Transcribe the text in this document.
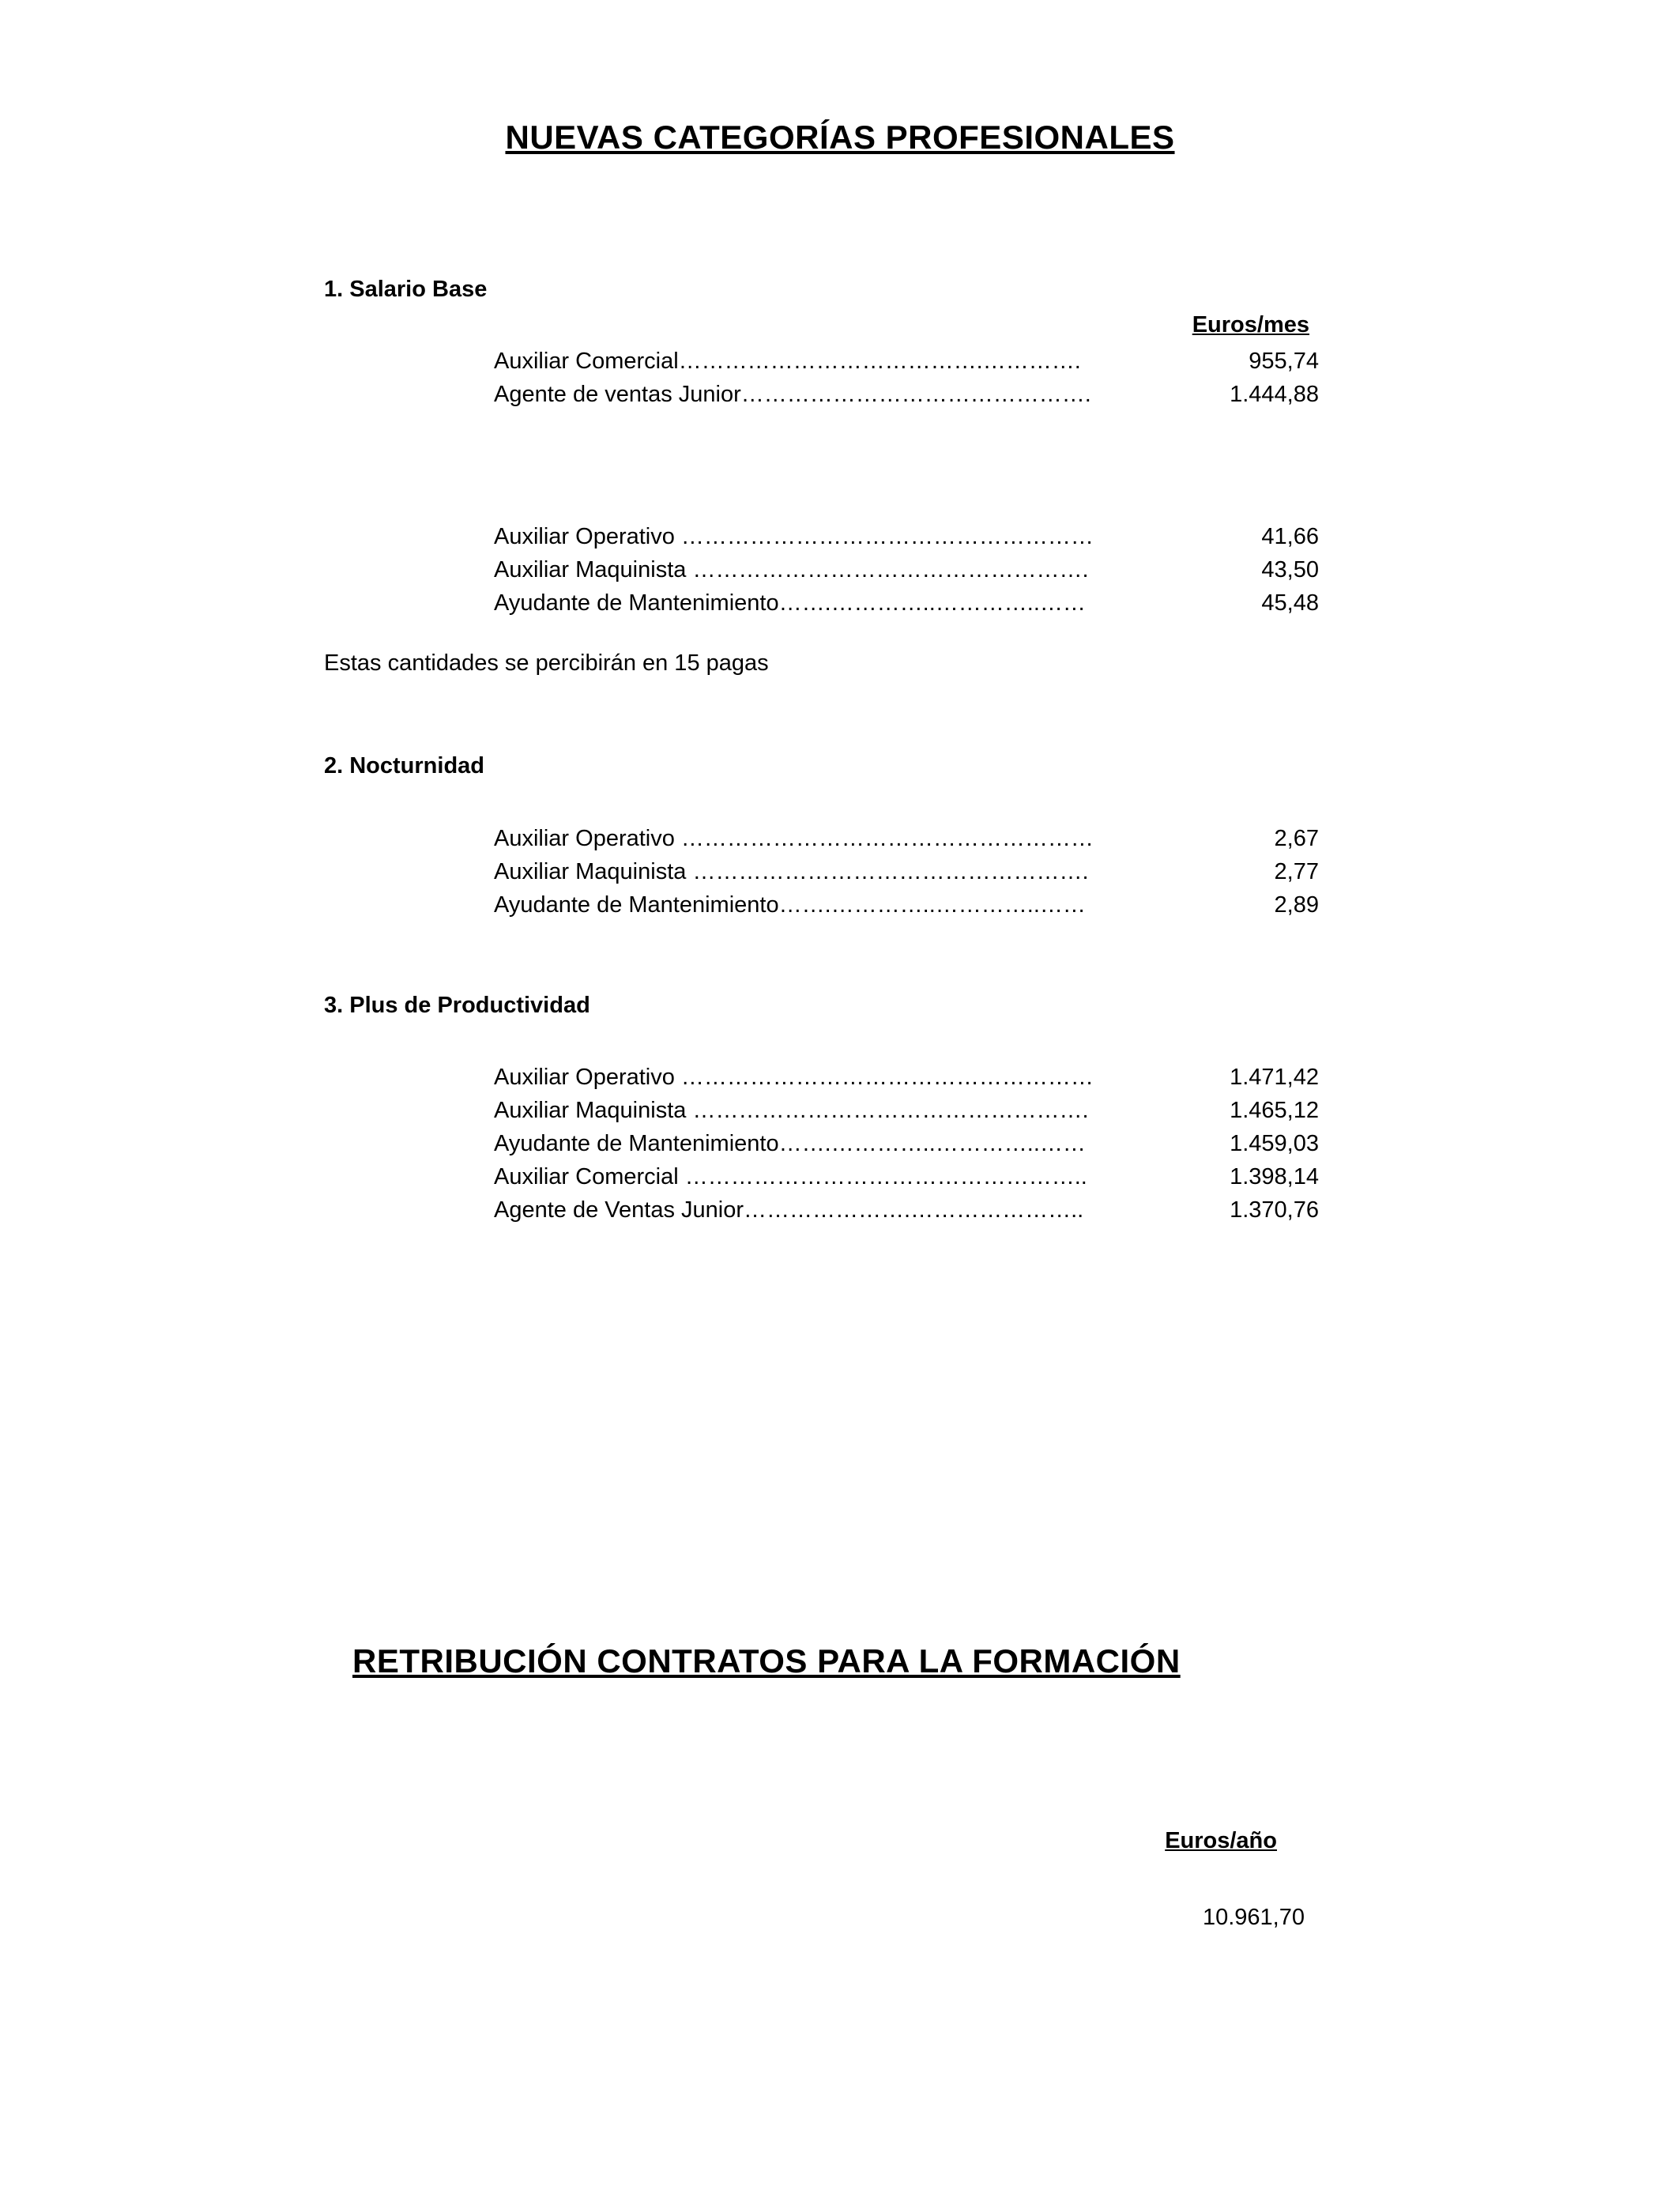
NUEVAS CATEGORÍAS PROFESIONALES
1. Salario Base
Euros/mes
Auxiliar Comercial………………………………….………….	955,74
Agente de ventas Junior……………………………………….	1.444,88
Auxiliar Operativo ………………………………………………	41,66
Auxiliar Maquinista …………………………………………….	43,50
Ayudante de Mantenimiento…….…………..…………..……	45,48
Estas cantidades se percibirán en 15 pagas
2. Nocturnidad
Auxiliar Operativo ………………………………………………	2,67
Auxiliar Maquinista …………………………………………….	2,77
Ayudante de Mantenimiento…….…………..…………..……	2,89
3. Plus de Productividad
Auxiliar Operativo ………………………………………………	1.471,42
Auxiliar Maquinista …………………………………………….	1.465,12
Ayudante de Mantenimiento…….…………..…………..……	1.459,03
Auxiliar Comercial ……………………………………………..	1.398,14
Agente de Ventas Junior………………….…………………..	1.370,76
RETRIBUCIÓN CONTRATOS PARA LA FORMACIÓN
Euros/año
10.961,70
